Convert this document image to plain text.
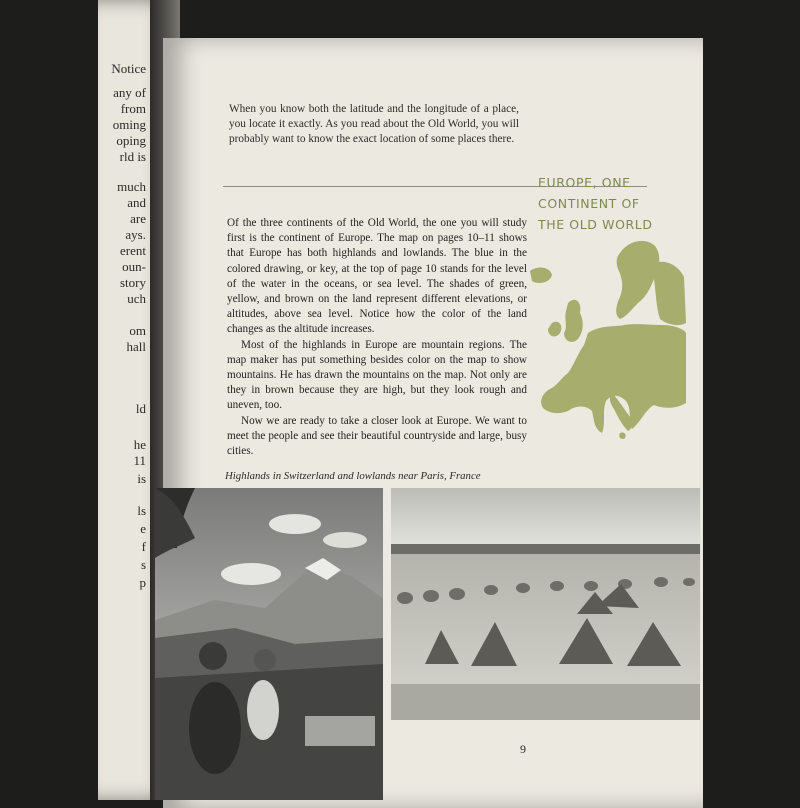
Notice
any of
from
oming
oping
rld is
much
and
are
ays.
erent
oun-
story
uch
om
hall
ld
he
11
is
ls
e
f
s
p
When you know both the latitude and the longitude of a place, you locate it exactly. As you read about the Old World, you will probably want to know the exact location of some places there.

Of the three continents of the Old World, the one you will study first is the continent of Europe. The map on pages 10–11 shows that Europe has both highlands and lowlands. The blue in the colored drawing, or key, at the top of page 10 stands for the level of the water in the oceans, or sea level. The shades of green, yellow, and brown on the land represent different elevations, or altitudes, above sea level. Notice how the color of the land changes as the altitude increases.

Most of the highlands in Europe are mountain regions. The map maker has put something besides color on the map to show mountains. He has drawn the mountains on the map. Not only are they in brown because they are high, but they look rough and uneven, too.

Now we are ready to take a closer look at Europe. We want to meet the people and see their beautiful countryside and large, busy cities.

EUROPE, ONE
CONTINENT OF
THE OLD WORLD
Highlands in Switzerland and lowlands near Paris, France
9
